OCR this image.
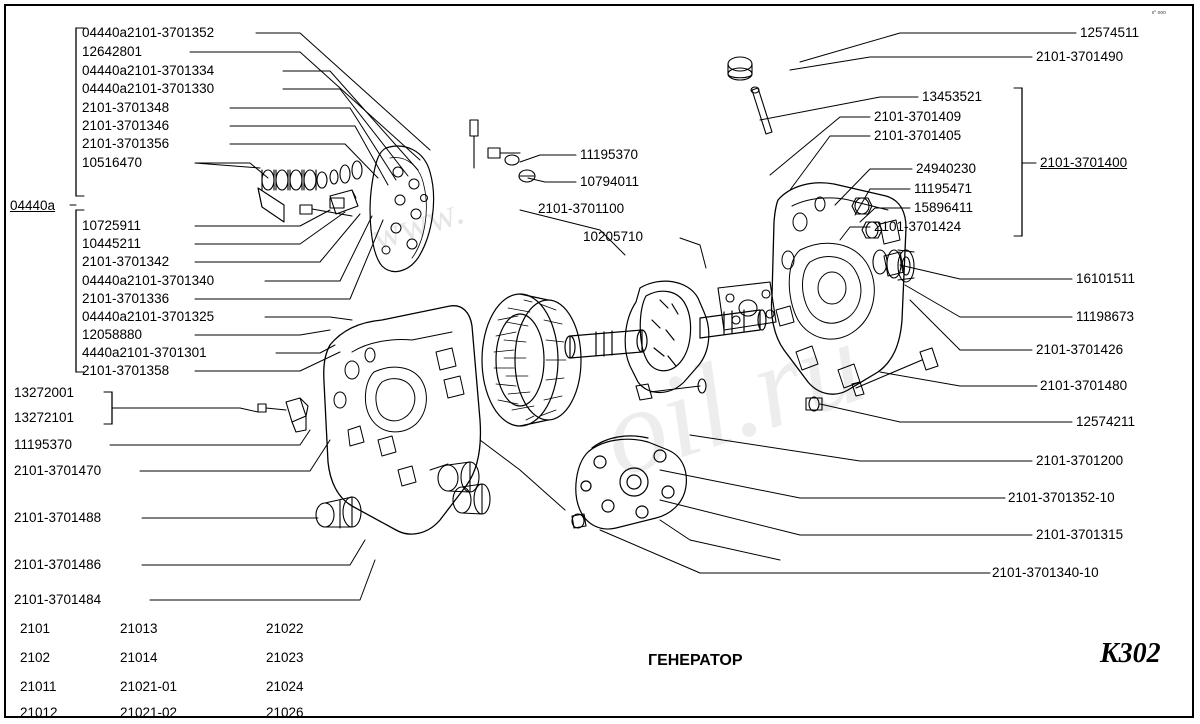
oil.ru
www.
к° ооо
04440a
04440a2101-3701352
12642801
04440a2101-3701334
04440a2101-3701330
2101-3701348
2101-3701346
2101-3701356
10516470
10725911
10445211
2101-3701342
04440a2101-3701340
2101-3701336
04440a2101-3701325
12058880
4440a2101-3701301
2101-3701358
13272001
13272101
11195370
2101-3701470
2101-3701488
2101-3701486
2101-3701484
11195370
10794011
2101-3701100
10205710
2101-3701400
12574511
2101-3701490
13453521
2101-3701409
2101-3701405
24940230
11195471
15896411
2101-3701424
16101511
11198673
2101-3701426
2101-3701480
12574211
2101-3701200
2101-3701352-10
2101-3701315
2101-3701340-10
2101
2102
21011
21012
21013
21014
21021-01
21021-02
21022
21023
21024
21026
ГЕНЕРАТОР	K302
